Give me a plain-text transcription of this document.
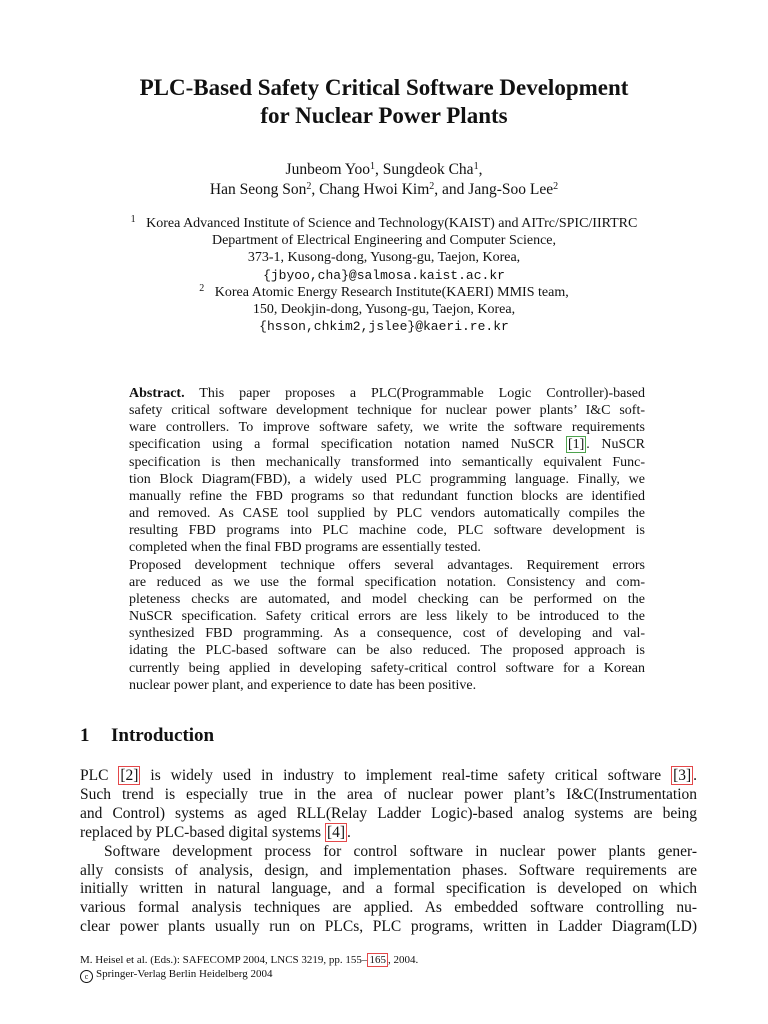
PLC-Based Safety Critical Software Development
for Nuclear Power Plants
Junbeom Yoo$^1$, Sungdeok Cha$^1$,
Han Seong Son$^2$, Chang Hwoi Kim$^2$, and Jang-Soo Lee$^2$
$^1$ Korea Advanced Institute of Science and Technology(KAIST) and AITrc/SPIC/IIRTRC
Department of Electrical Engineering and Computer Science,
373-1, Kusong-dong, Yusong-gu, Taejon, Korea,
{jbyoo,cha}@salmosa.kaist.ac.kr
$^2$ Korea Atomic Energy Research Institute(KAERI) MMIS team,
150, Deokjin-dong, Yusong-gu, Taejon, Korea,
{hsson,chkim2,jslee}@kaeri.re.kr
Abstract. This paper proposes a PLC(Programmable Logic Controller)-based
safety critical software development technique for nuclear power plants’ I&C soft-
ware controllers. To improve software safety, we write the software requirements
specification using a formal specification notation named NuSCR [1] . NuSCR
specification is then mechanically transformed into semantically equivalent Func-
tion Block Diagram(FBD), a widely used PLC programming language. Finally, we
manually refine the FBD programs so that redundant function blocks are identified
and removed. As CASE tool supplied by PLC vendors automatically compiles the
resulting FBD programs into PLC machine code, PLC software development is
completed when the final FBD programs are essentially tested.
Proposed development technique offers several advantages. Requirement errors
are reduced as we use the formal specification notation. Consistency and com-
pleteness checks are automated, and model checking can be performed on the
NuSCR specification. Safety critical errors are less likely to be introduced to the
synthesized FBD programming. As a consequence, cost of developing and val-
idating the PLC-based software can be also reduced. The proposed approach is
currently being applied in developing safety-critical control software for a Korean
nuclear power plant, and experience to date has been positive.
1 Introduction
PLC [2] is widely used in industry to implement real-time safety critical software [3] .
Such trend is especially true in the area of nuclear power plant’s I&C(Instrumentation
and Control) systems as aged RLL(Relay Ladder Logic)-based analog systems are being
replaced by PLC-based digital systems [4] .
Software development process for control software in nuclear power plants gener-
ally consists of analysis, design, and implementation phases. Software requirements are
initially written in natural language, and a formal specification is developed on which
various formal analysis techniques are applied. As embedded software controlling nu-
clear power plants usually run on PLCs, PLC programs, written in Ladder Diagram(LD)
M. Heisel et al. (Eds.): SAFECOMP 2004, LNCS 3219, pp. 155– 165 , 2004.
c Springer-Verlag Berlin Heidelberg 2004
